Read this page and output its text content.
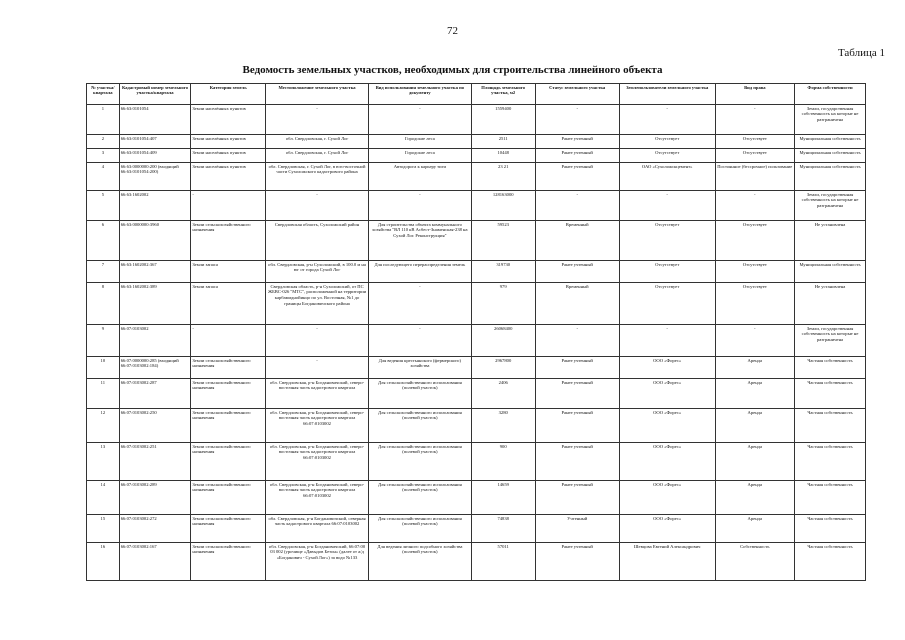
72
Таблица 1
Ведомость земельных участков, необходимых для строительства линейного объекта
№ участка/ квартала	Кадастровый номер земельного участка/квартала	Категория земель	Местоположение земельного участка	Вид использования земельного участка по документу	Площадь земельного участка, м2	Статус земельного участка	Землепользователи земельного участка	Вид права	Форма собственности
1	66:63:0101054	Земли населённых пунктов	-	-	1559400	-	-	-	Земли, государственная собственность на которые не разграничена
2	66:63:0101054:407	Земли населённых пунктов	обл. Свердловская, г. Сухой Лог	Городские леса	2511	Ранее учтенный	Отсутствует	Отсутствует	Муниципальная собственность
3	66:63:0101054:409	Земли населённых пунктов	обл. Свердловская, г. Сухой Лог	Городские леса	10448	Ранее учтенный	Отсутствует	Отсутствует	Муниципальная собственность
4	66:63:0000000:200 (входящий 66:63:0101054:200)	Земли населённых пунктов	обл. Свердловская, г. Сухой Лог, в юго-восточной части Сухоложского кадастрового района	Автодорога к карьеру тиги	23 21	Ранее учтенный	ОАО «Сухоложскцемент»	Постоянное (бессрочное) пользование	Муниципальная собственность
5	66:63:1602002	-	-	-	128163000	-	-	-	Земли, государственная собственность на которые не разграничена
6	66:63:0000000:3960	Земли сельскохозяйственного назначения	Свердловская область, Сухоложский район	Для строительства объекта коммунального хозяйства "ВЛ 110 кВ Асбест-Знаменская-238 на Сухой Лог. Реконструкция"	59523	Временный	Отсутствует	Отсутствует	Не установлена
7	66:63:1602002:367	Земли запаса	обл. Свердловская, р-н Сухоложский, в 100.0 м на юг от города Сухой Лог	Для последующего перераспределения земель	319730	Ранее учтенный	Отсутствует	Отсутствует	Муниципальная собственность
8	66:63:1602002:389	Земли запаса	Свердловская область, р-н Сухоложский, от ПС ЖБВС-026 "МТС", расположенной на территории карбамиднойинцо по ул. Восточная, №1 до границы Богдановичского района	-	979	Временный	Отсутствует	Отсутствует	Не установлена
9	66:07:0103002	-	-	-	26068400	-	-	-	Земли, государственная собственность на которые не разграничена
10	66:07:0000000:285 (входящий 66:07:0103002:184)	Земли сельскохозяйственного назначения	-	Для ведения крестьянского (фермерского) хозяйства	2967800	Ранее учтенный	ООО «Форес»	Аренда	Частная собственность
11	66:07:0103002:287	Земли сельскохозяйственного назначения	обл. Свердловская, р-н Богдановичский, северо-восточная часть кадастрового квартала	Для сельскохозяйственного использования (полевой участок)	2406	Ранее учтенный	ООО «Форес»	Аренда	Частная собственность
12	66:07:0103002:250	Земли сельскохозяйственного назначения	обл. Свердловская, р-н Богдановичский, северо-восточная часть кадастрового квартала 66:07:0103002	Для сельскохозяйственного использования (полевой участок)	3280	Ранее учтенный	ООО «Форес»	Аренда	Частная собственность
13	66:07:0103002:251	Земли сельскохозяйственного назначения	обл. Свердловская, р-н Богдановичский, северо-восточная часть кадастрового квартала 66:07:0103002	Для сельскохозяйственного использования (полевой участок)	900	Ранее учтенный	ООО «Форес»	Аренда	Частная собственность
14	66:07:0103002:289	Земли сельскохозяйственного назначения	обл. Свердловская, р-н Богдановичский, северо-восточная часть кадастрового квартала 66:07:0103002	Для сельскохозяйственного использования (полевой участок)	14659	Ранее учтенный	ООО «Форес»	Аренда	Частная собственность
15	66:07:0103002:272	Земли сельскохозяйственного назначения	обл. Свердловская, р-н Богдановичский, северная часть кадастрового квартала 66:07:0103002	Для сельскохозяйственного использования (полевой участок)	74838	Учтенный	ООО «Форес»	Аренда	Частная собственность
16	66:07:0103002:167	Земли сельскохозяйственного назначения	обл. Свердловская, р-н Богдановичский, 66:07:00 03 002 (урочище «Давыдов Бетон» (далее от а/д «Богданович - Сухой Лог») за водо №133	Для ведения личного подсобного хозяйства (полевой участок)	57011	Ранее учтенный	Шевцова Евгений Александрович	Собственность	Частная собственность
